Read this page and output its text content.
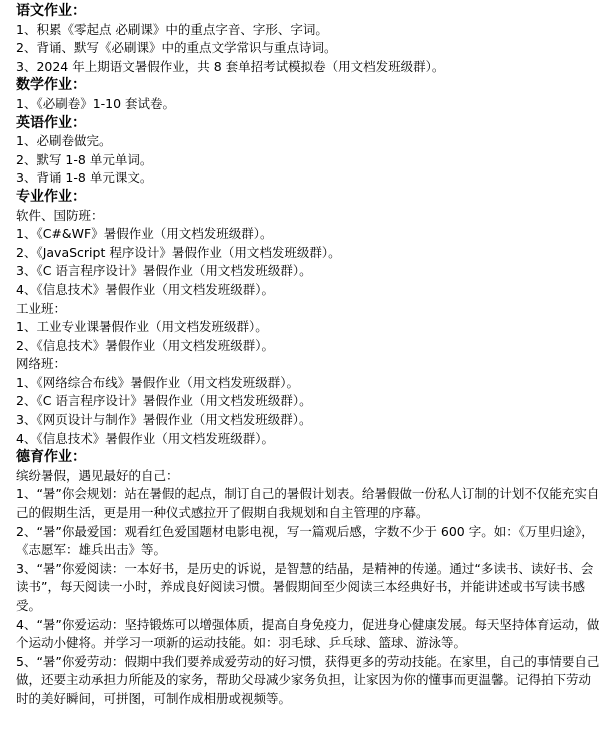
语文作业：
1、积累《零起点 必刷课》中的重点字音、字形、字词。
2、背诵、默写《必刷课》中的重点文学常识与重点诗词。
3、2024 年上期语文暑假作业，共 8 套单招考试模拟卷（用文档发班级群）。
数学作业：
1、《必刷卷》1-10 套试卷。
英语作业：
1、必刷卷做完。
2、默写 1-8 单元单词。
3、背诵 1-8 单元课文。
专业作业：
软件、国防班：
1、《C#&WF》暑假作业（用文档发班级群）。
2、《JavaScript 程序设计》暑假作业（用文档发班级群）。
3、《C 语言程序设计》暑假作业（用文档发班级群）。
4、《信息技术》暑假作业（用文档发班级群）。
工业班：
1、工业专业课暑假作业（用文档发班级群）。
2、《信息技术》暑假作业（用文档发班级群）。
网络班：
1、《网络综合布线》暑假作业（用文档发班级群）。
2、《C 语言程序设计》暑假作业（用文档发班级群）。
3、《网页设计与制作》暑假作业（用文档发班级群）。
4、《信息技术》暑假作业（用文档发班级群）。
德育作业：
缤纷暑假，遇见最好的自己：

1、“暑”你会规划：站在暑假的起点，制订自己的暑假计划表。给暑假做一份私人订制的计划不仅能充实自己的假期生活，更是用一种仪式感拉开了假期自我规划和自主管理的序幕。

2、“暑”你最爱国：观看红色爱国题材电影电视，写一篇观后感，字数不少于 600 字。如：《万里归途》，《志愿军：雄兵出击》等。

3、“暑”你爱阅读：一本好书，是历史的诉说，是智慧的结晶，是精神的传递。通过“多读书、读好书、会读书”，每天阅读一小时，养成良好阅读习惯。暑假期间至少阅读三本经典好书，并能讲述或书写读书感受。

4、“暑”你爱运动：坚持锻炼可以增强体质，提高自身免疫力，促进身心健康发展。每天坚持体育运动，做个运动小健将。并学习一项新的运动技能。如：羽毛球、乒乓球、篮球、游泳等。

5、“暑”你爱劳动：假期中我们要养成爱劳动的好习惯，获得更多的劳动技能。在家里，自己的事情要自己做，还要主动承担力所能及的家务，帮助父母减少家务负担，让家因为你的懂事而更温馨。记得拍下劳动时的美好瞬间，可拼图，可制作成相册或视频等。
